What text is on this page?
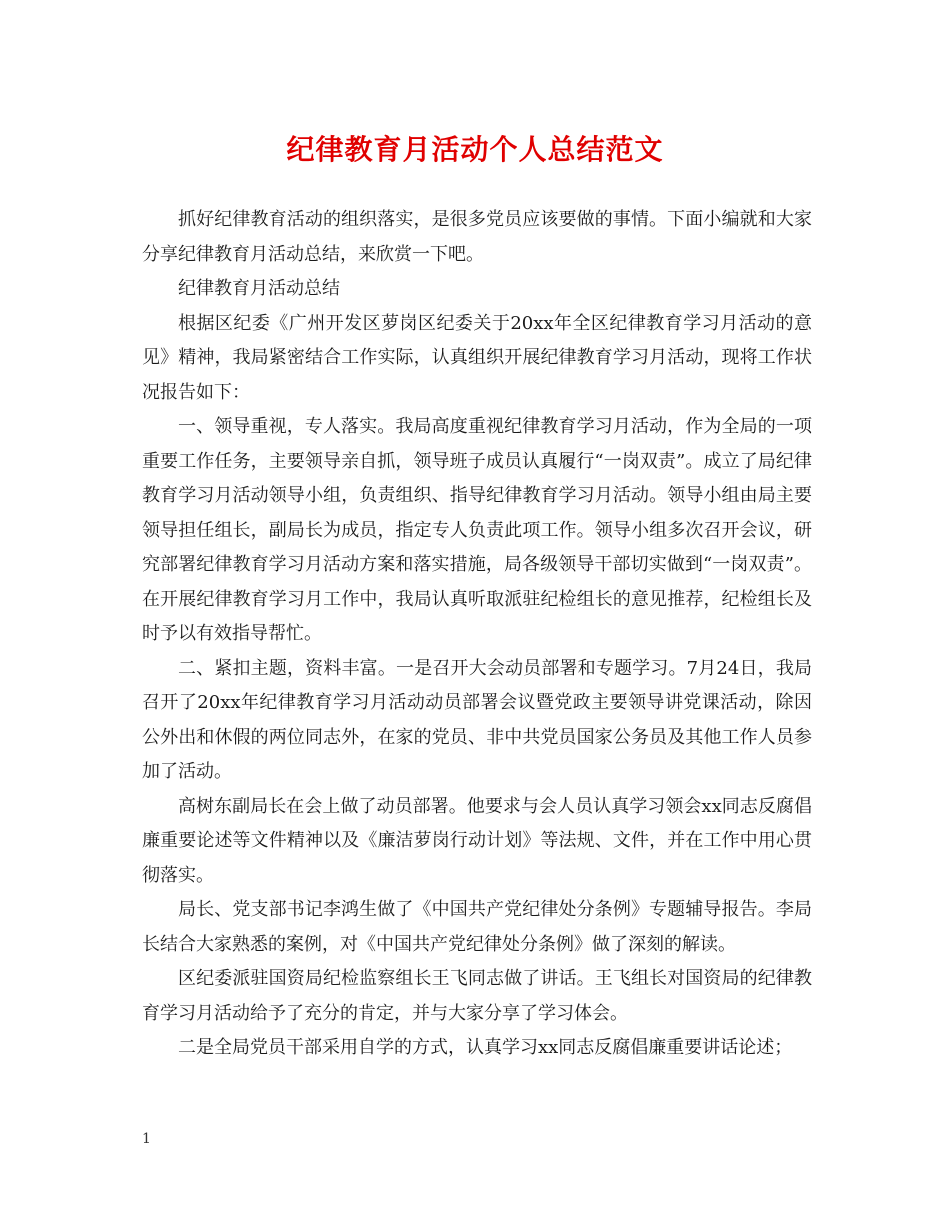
纪律教育月活动个人总结范文

抓好纪律教育活动的组织落实，是很多党员应该要做的事情。下面小编就和大家分享纪律教育月活动总结，来欣赏一下吧。

纪律教育月活动总结

根据区纪委《广州开发区萝岗区纪委关于20xx年全区纪律教育学习月活动的意见》精神，我局紧密结合工作实际，认真组织开展纪律教育学习月活动，现将工作状况报告如下：

一、领导重视，专人落实。我局高度重视纪律教育学习月活动，作为全局的一项重要工作任务，主要领导亲自抓，领导班子成员认真履行“一岗双责”。成立了局纪律教育学习月活动领导小组，负责组织、指导纪律教育学习月活动。领导小组由局主要领导担任组长，副局长为成员，指定专人负责此项工作。领导小组多次召开会议，研究部署纪律教育学习月活动方案和落实措施，局各级领导干部切实做到“一岗双责”。在开展纪律教育学习月工作中，我局认真听取派驻纪检组长的意见推荐，纪检组长及时予以有效指导帮忙。

二、紧扣主题，资料丰富。一是召开大会动员部署和专题学习。7月24日，我局召开了20xx年纪律教育学习月活动动员部署会议暨党政主要领导讲党课活动，除因公外出和休假的两位同志外，在家的党员、非中共党员国家公务员及其他工作人员参加了活动。

高树东副局长在会上做了动员部署。他要求与会人员认真学习领会xx同志反腐倡廉重要论述等文件精神以及《廉洁萝岗行动计划》等法规、文件，并在工作中用心贯彻落实。

局长、党支部书记李鸿生做了《中国共产党纪律处分条例》专题辅导报告。李局长结合大家熟悉的案例，对《中国共产党纪律处分条例》做了深刻的解读。

区纪委派驻国资局纪检监察组长王飞同志做了讲话。王飞组长对国资局的纪律教育学习月活动给予了充分的肯定，并与大家分享了学习体会。

二是全局党员干部采用自学的方式，认真学习xx同志反腐倡廉重要讲话论述；

1
